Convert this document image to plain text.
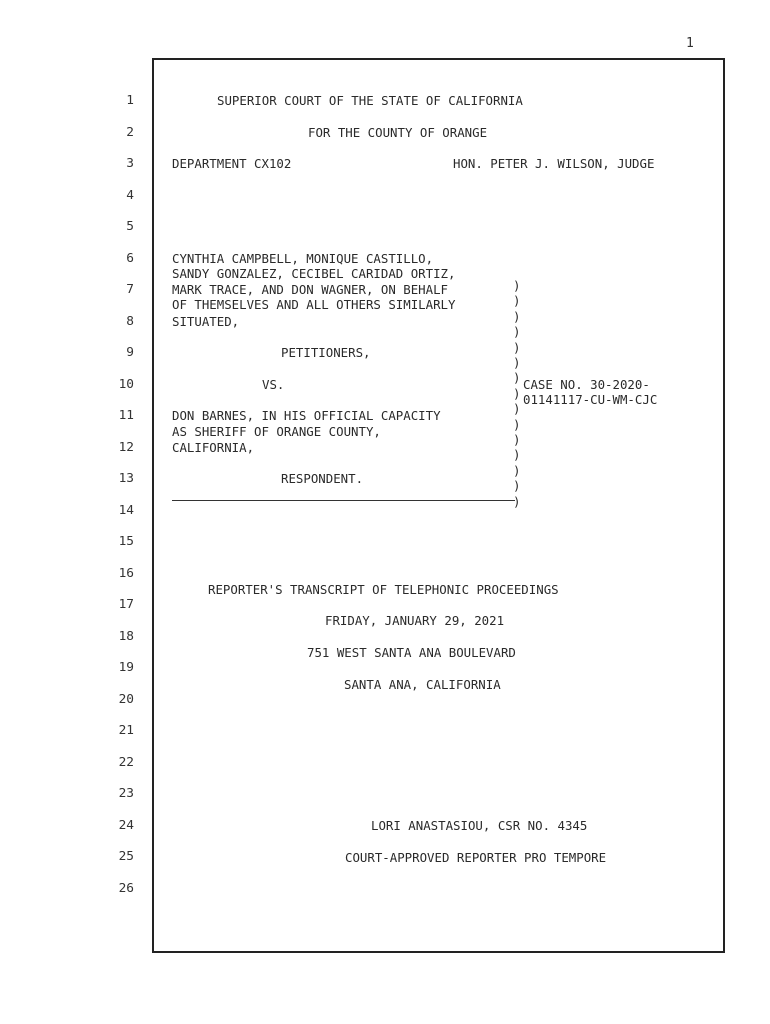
1
1
2
3
4
5
6
7
8
9
10
11
12
13
14
15
16
17
18
19
20
21
22
23
24
25
26
SUPERIOR COURT OF THE STATE OF CALIFORNIA
FOR THE COUNTY OF ORANGE
DEPARTMENT CX102	HON. PETER J. WILSON, JUDGE
CYNTHIA CAMPBELL, MONIQUE CASTILLO,
SANDY GONZALEZ, CECIBEL CARIDAD ORTIZ,
MARK TRACE, AND DON WAGNER, ON BEHALF
OF THEMSELVES AND ALL OTHERS SIMILARLY
SITUATED,
PETITIONERS,
VS.
DON BARNES, IN HIS OFFICIAL CAPACITY
AS SHERIFF OF ORANGE COUNTY,
CALIFORNIA,
RESPONDENT.
)
)
)
)
)
)
)
)
)
)
)
)
)
)
)
CASE NO. 30-2020-
01141117-CU-WM-CJC
REPORTER'S TRANSCRIPT OF TELEPHONIC PROCEEDINGS
FRIDAY, JANUARY 29, 2021
751 WEST SANTA ANA BOULEVARD
SANTA ANA, CALIFORNIA
LORI ANASTASIOU, CSR NO. 4345
COURT-APPROVED REPORTER PRO TEMPORE
